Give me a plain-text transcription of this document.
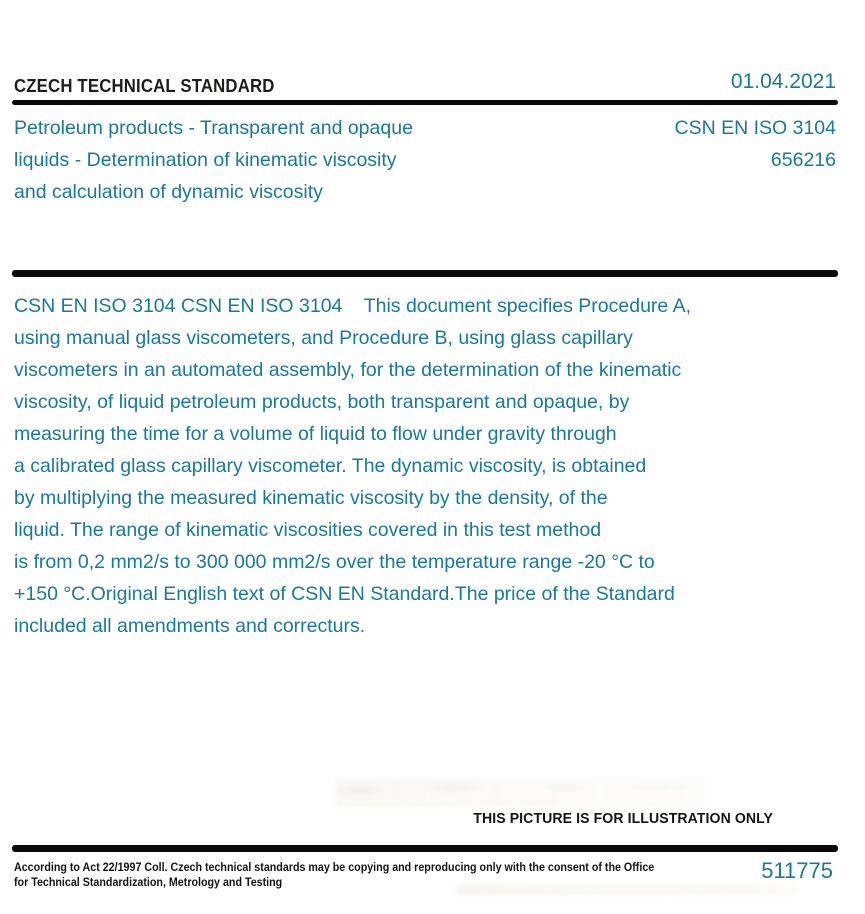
CZECH TECHNICAL STANDARD	01.04.2021
Petroleum products - Transparent and opaque
liquids - Determination of kinematic viscosity
and calculation of dynamic viscosity
CSN EN ISO 3104
656216
CSN EN ISO 3104 CSN EN ISO 3104    This document specifies Procedure A,
using manual glass viscometers, and Procedure B, using glass capillary
viscometers in an automated assembly, for the determination of the kinematic
viscosity, of liquid petroleum products, both transparent and opaque, by
measuring the time for a volume of liquid to flow under gravity through
a calibrated glass capillary viscometer. The dynamic viscosity, is obtained
by multiplying the measured kinematic viscosity by the density, of the
liquid. The range of kinematic viscosities covered in this test method
is from 0,2 mm2/s to 300 000 mm2/s over the temperature range -20 °C to
+150 °C.Original English text of CSN EN Standard.The price of the Standard
included all amendments and correcturs.
THIS PICTURE IS FOR ILLUSTRATION ONLY
According to Act 22/1997 Coll. Czech technical standards may be copying and reproducing only with the consent of the Office
for Technical Standardization, Metrology and Testing	511775
